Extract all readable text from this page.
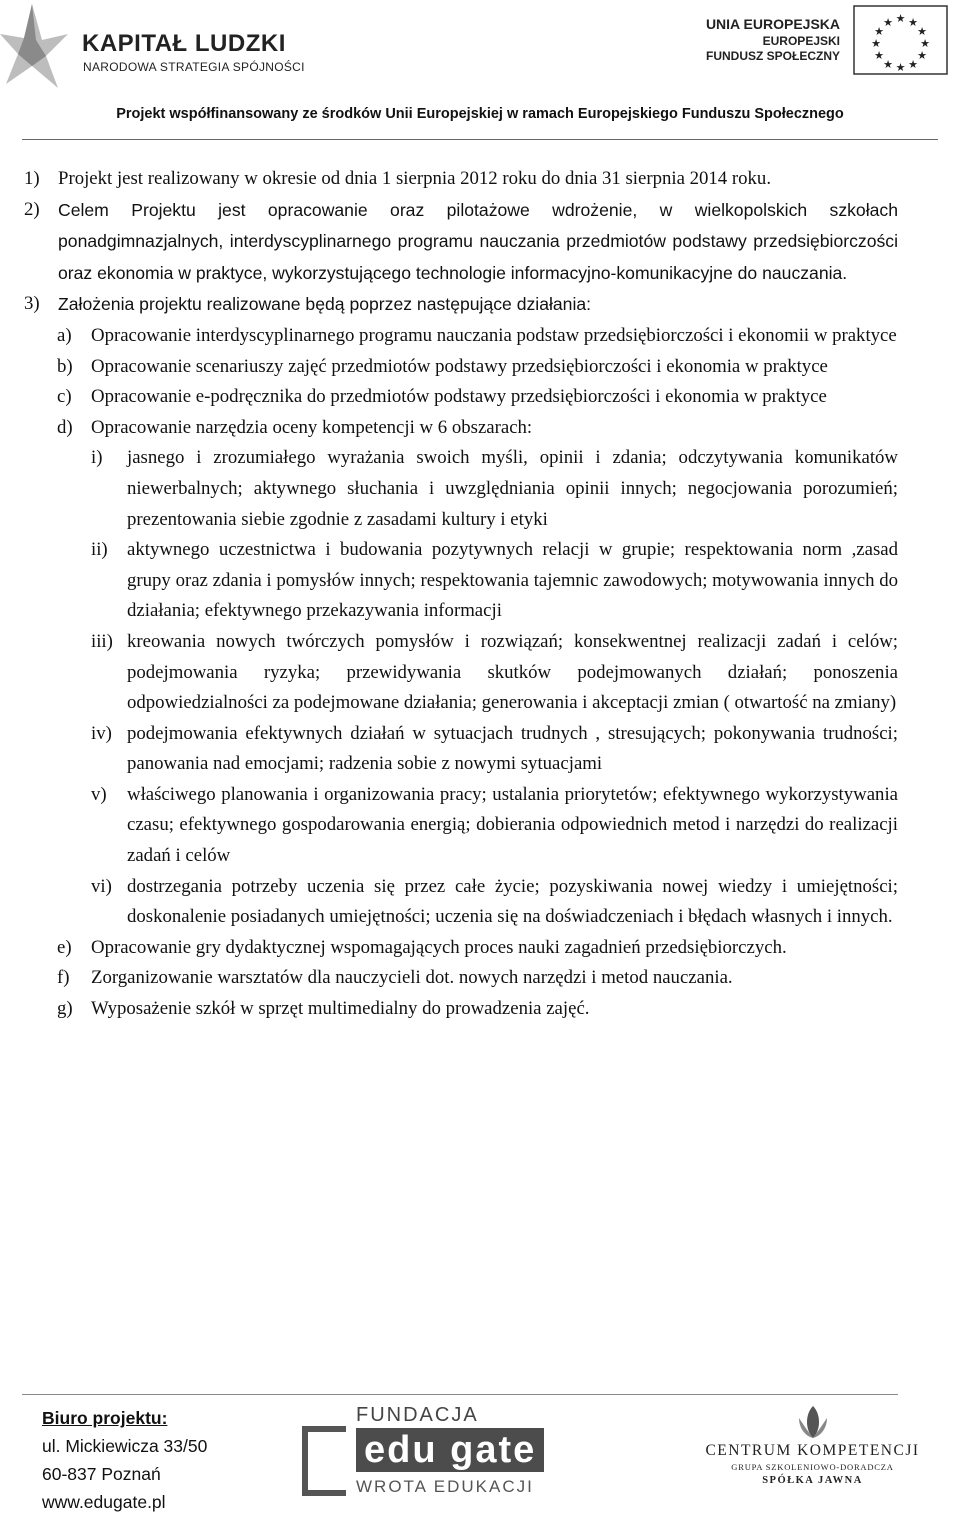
KAPITAŁ LUDZKI
NARODOWA STRATEGIA SPÓJNOŚCI
UNIA EUROPEJSKA
EUROPEJSKI
FUNDUSZ SPOŁECZNY
★ ★
★
★
★
★
★
★
★
★
★
★
Projekt współfinansowany ze środków Unii Europejskiej w ramach Europejskiego Funduszu Społecznego
1) Projekt jest realizowany w okresie od dnia 1 sierpnia 2012 roku do dnia 31 sierpnia 2014 roku.
2) Celem Projektu jest opracowanie oraz pilotażowe wdrożenie, w wielkopolskich szkołach ponadgimnazjalnych, interdyscyplinarnego programu nauczania przedmiotów podstawy przedsiębiorczości oraz ekonomia w praktyce, wykorzystującego technologie informacyjno-komunikacyjne do nauczania.
3) Założenia projektu realizowane będą poprzez następujące działania:
a) Opracowanie interdyscyplinarnego programu nauczania podstaw przedsiębiorczości i ekonomii w praktyce
b) Opracowanie scenariuszy zajęć przedmiotów podstawy przedsiębiorczości i ekonomia w praktyce
c) Opracowanie e-podręcznika do przedmiotów podstawy przedsiębiorczości i ekonomia w praktyce
d) Opracowanie narzędzia oceny kompetencji w 6 obszarach:
i) jasnego i zrozumiałego wyrażania swoich myśli, opinii i zdania; odczytywania komunikatów niewerbalnych; aktywnego słuchania i uwzględniania opinii innych; negocjowania porozumień; prezentowania siebie zgodnie z zasadami kultury i etyki
ii) aktywnego uczestnictwa i budowania pozytywnych relacji w grupie; respektowania norm ,zasad grupy oraz zdania i pomysłów innych; respektowania tajemnic zawodowych; motywowania innych do działania; efektywnego przekazywania informacji
iii) kreowania nowych twórczych pomysłów i rozwiązań; konsekwentnej realizacji zadań i celów; podejmowania ryzyka; przewidywania skutków podejmowanych działań; ponoszenia odpowiedzialności za podejmowane działania; generowania i akceptacji zmian ( otwartość na zmiany)
iv) podejmowania efektywnych działań w sytuacjach trudnych , stresujących; pokonywania trudności; panowania nad emocjami; radzenia sobie z nowymi sytuacjami
v) właściwego planowania i organizowania pracy; ustalania priorytetów; efektywnego wykorzystywania czasu; efektywnego gospodarowania energią; dobierania odpowiednich metod i narzędzi do realizacji zadań i celów
vi) dostrzegania potrzeby uczenia się przez całe życie; pozyskiwania nowej wiedzy i umiejętności; doskonalenie posiadanych umiejętności; uczenia się na doświadczeniach i błędach własnych i innych.
e) Opracowanie gry dydaktycznej wspomagających proces nauki zagadnień przedsiębiorczych.
f) Zorganizowanie warsztatów dla nauczycieli dot. nowych narzędzi i metod nauczania.
g) Wyposażenie szkół w sprzęt multimedialny do prowadzenia zajęć.
Biuro projektu:
ul. Mickiewicza 33/50
60-837 Poznań
www.edugate.pl
FUNDACJA
edu gate
WROTA EDUKACJI
CENTRUM KOMPETENCJI
GRUPA SZKOLENIOWO-DORADCZA
SPÓŁKA JAWNA
